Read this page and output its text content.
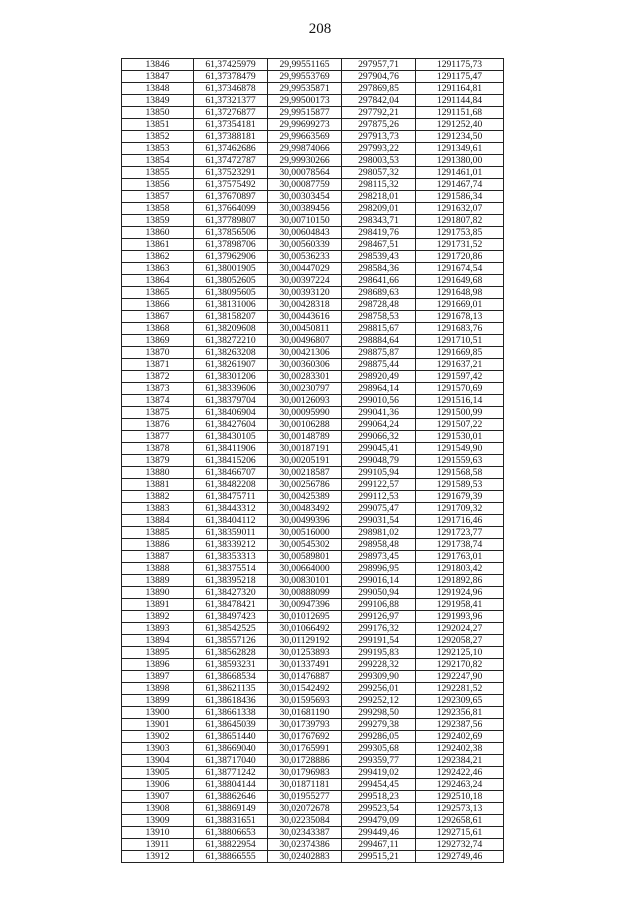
208
13846	61,37425979	29,99551165	297957,71	1291175,73
13847	61,37378479	29,99553769	297904,76	1291175,47
13848	61,37346878	29,99535871	297869,85	1291164,81
13849	61,37321377	29,99500173	297842,04	1291144,84
13850	61,37276877	29,99515877	297792,21	1291151,68
13851	61,37354181	29,99699273	297875,26	1291252,40
13852	61,37388181	29,99663569	297913,73	1291234,50
13853	61,37462686	29,99874066	297993,22	1291349,61
13854	61,37472787	29,99930266	298003,53	1291380,00
13855	61,37523291	30,00078564	298057,32	1291461,01
13856	61,37575492	30,00087759	298115,32	1291467,74
13857	61,37670897	30,00303454	298218,01	1291586,34
13858	61,37664099	30,00389456	298209,01	1291632,07
13859	61,37789807	30,00710150	298343,71	1291807,82
13860	61,37856506	30,00604843	298419,76	1291753,85
13861	61,37898706	30,00560339	298467,51	1291731,52
13862	61,37962906	30,00536233	298539,43	1291720,86
13863	61,38001905	30,00447029	298584,36	1291674,54
13864	61,38052605	30,00397224	298641,66	1291649,68
13865	61,38095605	30,00393120	298689,63	1291648,98
13866	61,38131006	30,00428318	298728,48	1291669,01
13867	61,38158207	30,00443616	298758,53	1291678,13
13868	61,38209608	30,00450811	298815,67	1291683,76
13869	61,38272210	30,00496807	298884,64	1291710,51
13870	61,38263208	30,00421306	298875,87	1291669,85
13871	61,38261907	30,00360306	298875,44	1291637,21
13872	61,38301206	30,00283301	298920,49	1291597,42
13873	61,38339606	30,00230797	298964,14	1291570,69
13874	61,38379704	30,00126093	299010,56	1291516,14
13875	61,38406904	30,00095990	299041,36	1291500,99
13876	61,38427604	30,00106288	299064,24	1291507,22
13877	61,38430105	30,00148789	299066,32	1291530,01
13878	61,38411906	30,00187191	299045,41	1291549,90
13879	61,38415206	30,00205191	299048,79	1291559,63
13880	61,38466707	30,00218587	299105,94	1291568,58
13881	61,38482208	30,00256786	299122,57	1291589,53
13882	61,38475711	30,00425389	299112,53	1291679,39
13883	61,38443312	30,00483492	299075,47	1291709,32
13884	61,38404112	30,00499396	299031,54	1291716,46
13885	61,38359011	30,00516000	298981,02	1291723,77
13886	61,38339212	30,00545302	298958,48	1291738,74
13887	61,38353313	30,00589801	298973,45	1291763,01
13888	61,38375514	30,00664000	298996,95	1291803,42
13889	61,38395218	30,00830101	299016,14	1291892,86
13890	61,38427320	30,00888099	299050,94	1291924,96
13891	61,38478421	30,00947396	299106,88	1291958,41
13892	61,38497423	30,01012695	299126,97	1291993,96
13893	61,38542525	30,01066492	299176,32	1292024,27
13894	61,38557126	30,01129192	299191,54	1292058,27
13895	61,38562828	30,01253893	299195,83	1292125,10
13896	61,38593231	30,01337491	299228,32	1292170,82
13897	61,38668534	30,01476887	299309,90	1292247,90
13898	61,38621135	30,01542492	299256,01	1292281,52
13899	61,38618436	30,01595693	299252,12	1292309,65
13900	61,38661338	30,01681190	299298,50	1292356,81
13901	61,38645039	30,01739793	299279,38	1292387,56
13902	61,38651440	30,01767692	299286,05	1292402,69
13903	61,38669040	30,01765991	299305,68	1292402,38
13904	61,38717040	30,01728886	299359,77	1292384,21
13905	61,38771242	30,01796983	299419,02	1292422,46
13906	61,38804144	30,01871181	299454,45	1292463,24
13907	61,38862646	30,01955277	299518,23	1292510,18
13908	61,38869149	30,02072678	299523,54	1292573,13
13909	61,38831651	30,02235084	299479,09	1292658,61
13910	61,38806653	30,02343387	299449,46	1292715,61
13911	61,38822954	30,02374386	299467,11	1292732,74
13912	61,38866555	30,02402883	299515,21	1292749,46
